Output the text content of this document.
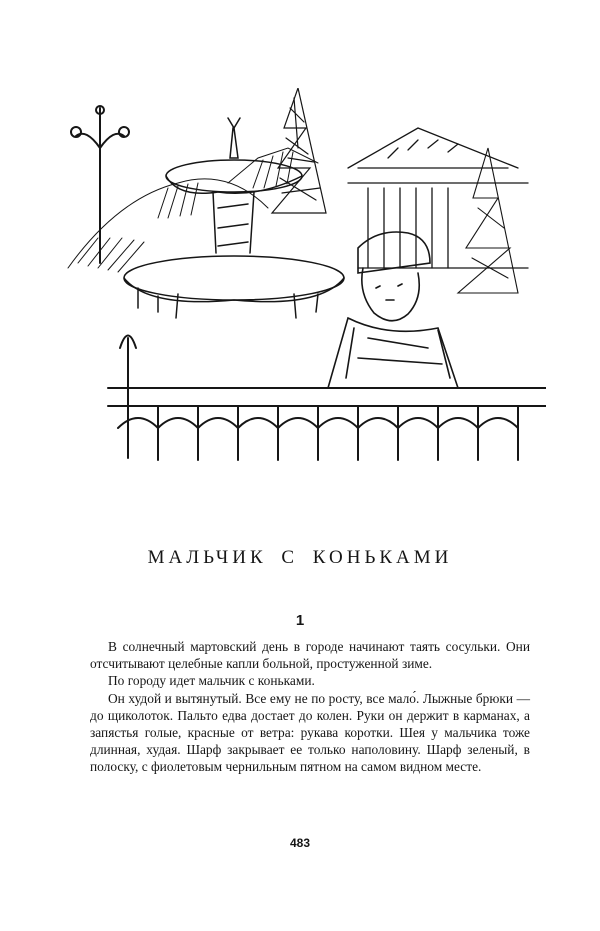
МАЛЬЧИК С КОНЬКАМИ
1

В солнечный мартовский день в городе начинают таять сосульки. Они отсчитывают целебные капли больной, простуженной зиме.

По городу идет мальчик с коньками.

Он худой и вытянутый. Все ему не по росту, все мало́. Лыжные брюки — до щиколоток. Пальто едва достает до колен. Руки он держит в карманах, а запястья голые, красные от ветра: рукава коротки. Шея у мальчика тоже длинная, худая. Шарф закрывает ее только наполовину. Шарф зеленый, в полоску, с фиолетовым чернильным пятном на самом видном месте.

483
